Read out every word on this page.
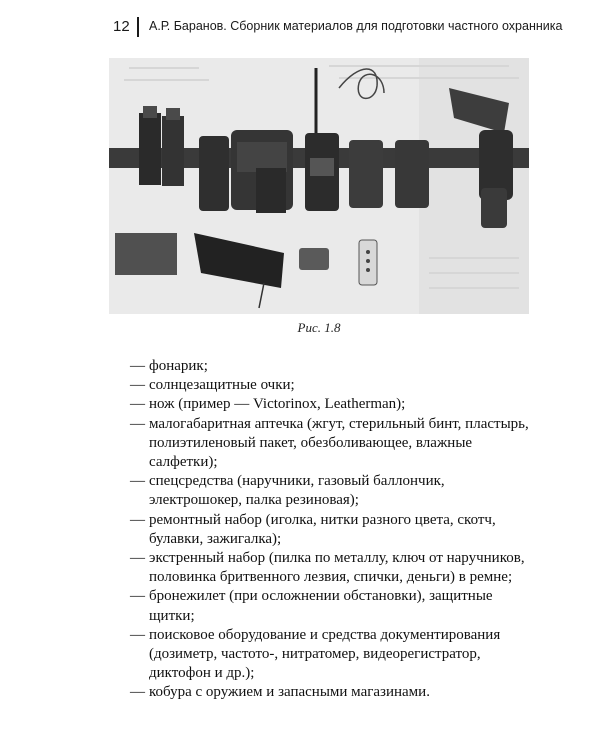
12 А.Р. Баранов. Сборник материалов для подготовки частного охранника
Рис. 1.8
— фонарик;
— солнцезащитные очки;
— нож (пример — Victorinox, Leatherman);
— малогабаритная аптечка (жгут, стерильный бинт, пластырь, полиэтиленовый пакет, обезболивающее, влажные салфетки);
— спецсредства (наручники, газовый баллончик, электрошокер, палка резиновая);
— ремонтный набор (иголка, нитки разного цвета, скотч, булавки, зажигалка);
— экстренный набор (пилка по металлу, ключ от наручников, половинка бритвенного лезвия, спички, деньги) в ремне;
— бронежилет (при осложнении обстановки), защитные щитки;
— поисковое оборудование и средства документирования (дозиметр, частото-, нитратомер, видеорегистратор, диктофон и др.);
— кобура с оружием и запасными магазинами.
